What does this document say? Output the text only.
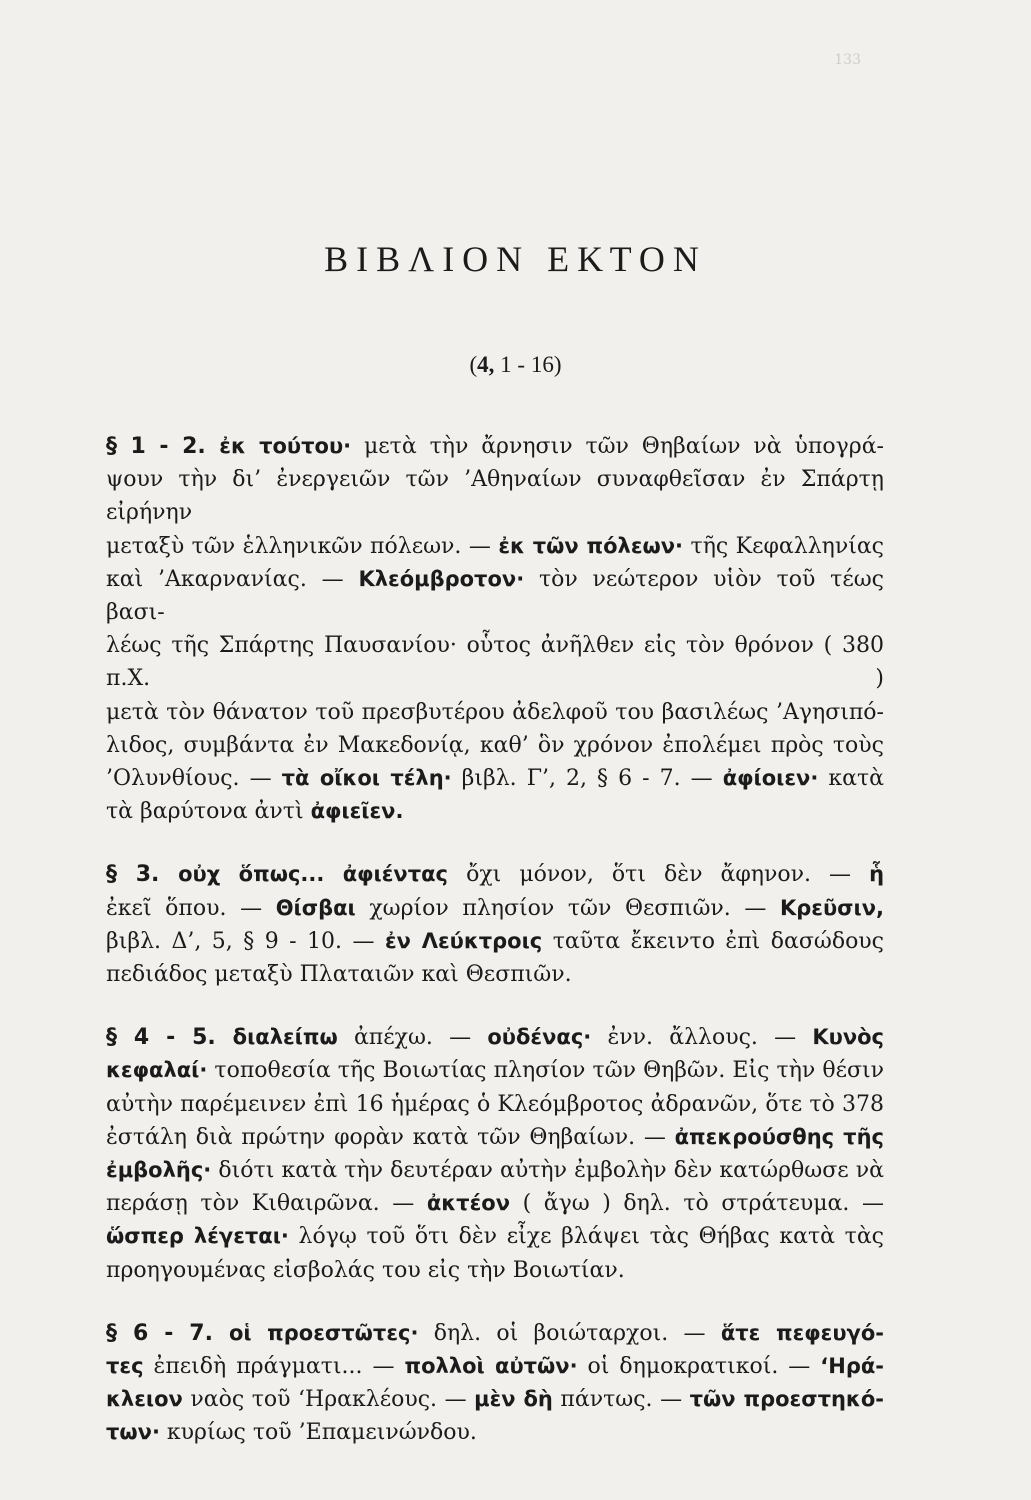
133
ΒΙΒΛΙΟΝ ΕΚΤΟΝ
(4, 1 - 16)
§ 1 - 2. ἐκ τούτου· μετὰ τὴν ἄρνησιν τῶν Θηβαίων νὰ ὑπογρά-
ψουν τὴν δι’ ἐνεργειῶν τῶν ’Αθηναίων συναφθεῖσαν ἐν Σπάρτῃ εἰρήνην
μεταξὺ τῶν ἑλληνικῶν πόλεων. — ἐκ τῶν πόλεων· τῆς Κεφαλληνίας
καὶ ’Ακαρνανίας. — Κλεόμβροτον· τὸν νεώτερον υἱὸν τοῦ τέως βασι-
λέως τῆς Σπάρτης Παυσανίου· οὗτος ἀνῆλθεν εἰς τὸν θρόνον ( 380 π.Χ. )
μετὰ τὸν θάνατον τοῦ πρεσβυτέρου ἀδελφοῦ του βασιλέως ’Αγησιπό-
λιδος, συμβάντα ἐν Μακεδονίᾳ, καθ’ ὃν χρόνον ἐπολέμει πρὸς τοὺς
’Ολυνθίους. — τὰ οἴκοι τέλη· βιβλ. Γ’, 2, § 6 - 7. — ἀφίοιεν· κατὰ
τὰ βαρύτονα ἀντὶ ἀφιεῖεν.
§ 3. οὐχ ὅπως... ἀφιέντας ὄχι μόνον, ὅτι δὲν ἄφηνον. — ἧ
ἐκεῖ ὅπου. — Θίσβαι χωρίον πλησίον τῶν Θεσπιῶν. — Κρεῦσιν,
βιβλ. Δ’, 5, § 9 - 10. — ἐν Λεύκτροις ταῦτα ἔκειντο ἐπὶ δασώδους
πεδιάδος μεταξὺ Πλαταιῶν καὶ Θεσπιῶν.
§ 4 - 5. διαλείπω ἀπέχω. — οὐδένας· ἐνν. ἄλλους. — Κυνὸς
κεφαλαί· τοποθεσία τῆς Βοιωτίας πλησίον τῶν Θηβῶν. Εἰς τὴν θέσιν
αὐτὴν παρέμεινεν ἐπὶ 16 ἡμέρας ὁ Κλεόμβροτος ἀδρανῶν, ὅτε τὸ 378
ἐστάλη διὰ πρώτην φορὰν κατὰ τῶν Θηβαίων. — ἀπεκρούσθης τῆς
ἐμβολῆς· διότι κατὰ τὴν δευτέραν αὐτὴν ἐμβολὴν δὲν κατώρθωσε νὰ
περάσῃ τὸν Κιθαιρῶνα. — ἀκτέον ( ἄγω ) δηλ. τὸ στράτευμα. —
ὥσπερ λέγεται· λόγῳ τοῦ ὅτι δὲν εἶχε βλάψει τὰς Θήβας κατὰ τὰς
προηγουμένας εἰσβολάς του εἰς τὴν Βοιωτίαν.
§ 6 - 7. οἱ προεστῶτες· δηλ. οἱ βοιώταρχοι. — ἅτε πεφευγό-
τες ἐπειδὴ πράγματι... — πολλοὶ αὐτῶν· οἱ δημοκρατικοί. — ‘Ηρά-
κλειον ναὸς τοῦ ‘Ηρακλέους. — μὲν δὴ πάντως. — τῶν προεστηκό-
των· κυρίως τοῦ ’Επαμεινώνδου.
